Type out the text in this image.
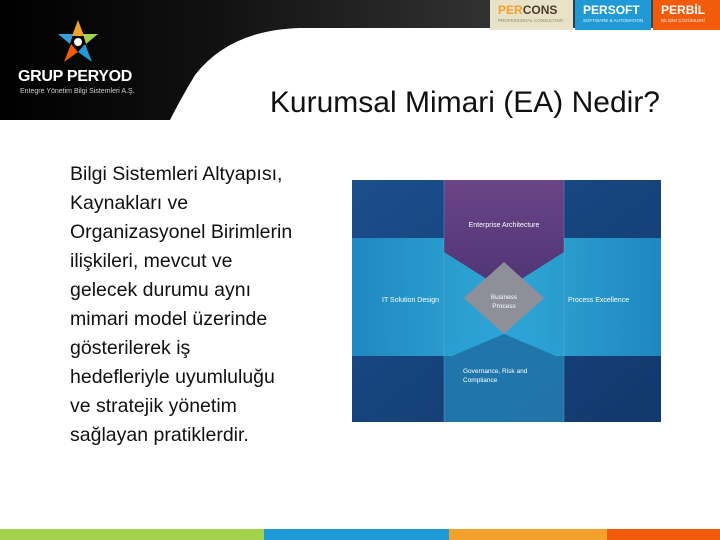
GRUP PERYOD
Entegre Yönetim Bilgi Sistemleri A.Ş.
PERCONS
PROFESSIONAL CONSULTING
PERSOFT
SOFTWARE & AUTOMATION
PERBİL
BİLİŞİM ÇÖZÜMLERİ
Kurumsal Mimari (EA) Nedir?
Bilgi Sistemleri Altyapısı,
Kaynakları ve
Organizasyonel Birimlerin
ilişkileri, mevcut ve
gelecek durumu aynı
mimari model üzerinde
gösterilerek iş
hedefleriyle uyumluluğu
ve stratejik yönetim
sağlayan pratiklerdir.
Enterprise Architecture
IT Solution Design	Process Excellence
Business
Process
Governance, Risk and
Compliance
